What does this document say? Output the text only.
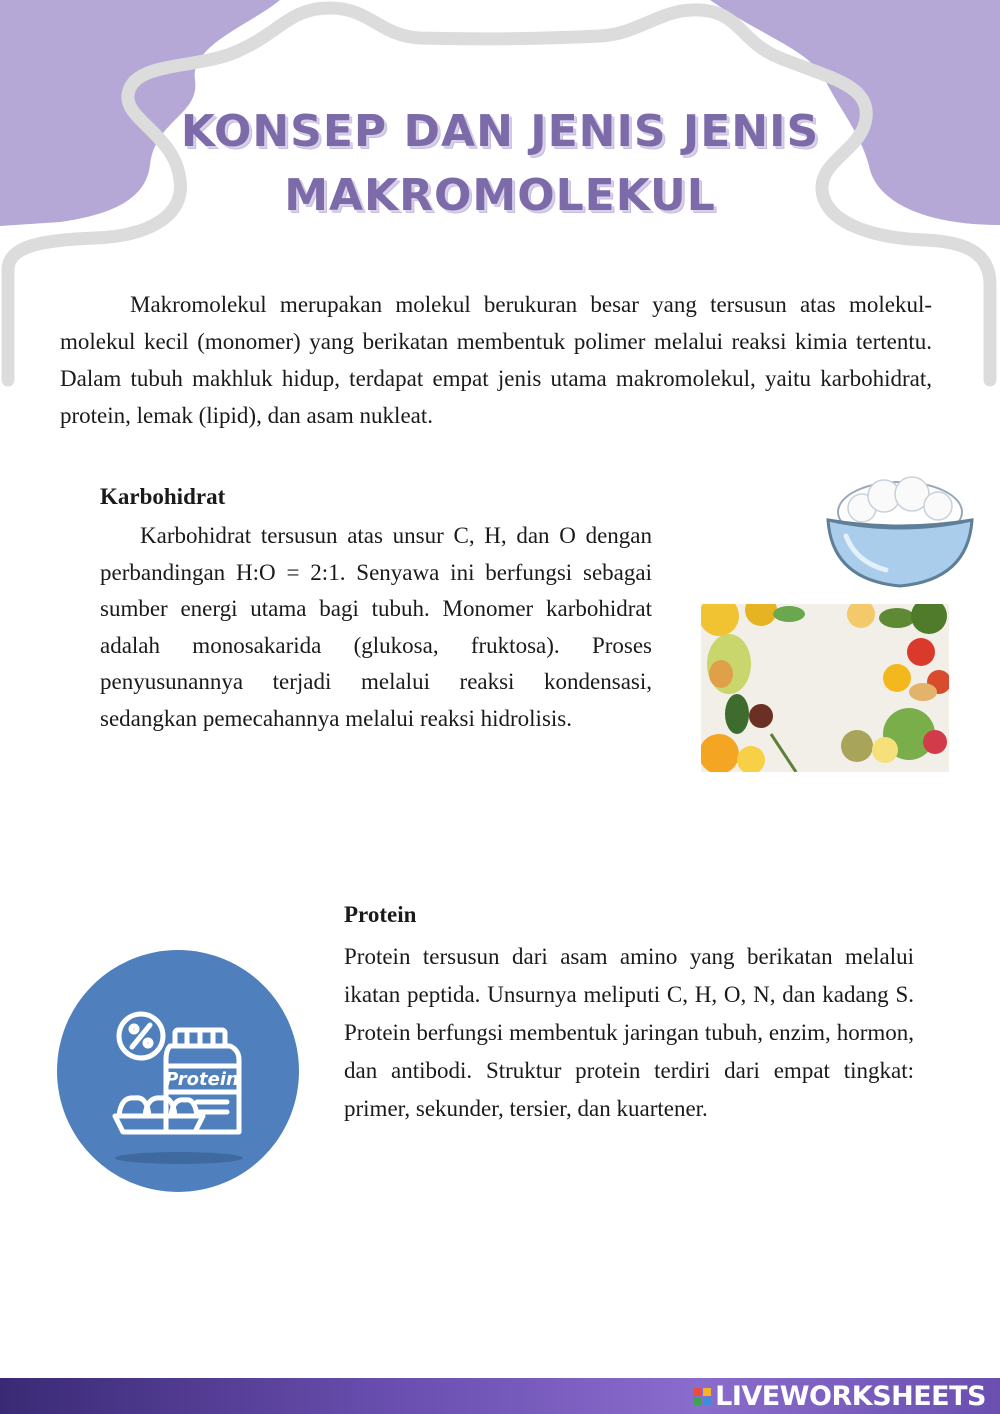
KONSEP DAN JENIS JENIS
MAKROMOLEKUL

Makromolekul merupakan molekul berukuran besar yang tersusun atas molekul-molekul kecil (monomer) yang berikatan membentuk polimer melalui reaksi kimia tertentu. Dalam tubuh makhluk hidup, terdapat empat jenis utama makromolekul, yaitu karbohidrat, protein, lemak (lipid), dan asam nukleat.

Karbohidrat

Karbohidrat tersusun atas unsur C, H, dan O dengan perbandingan H:O = 2:1. Senyawa ini berfungsi sebagai sumber energi utama bagi tubuh. Monomer karbohidrat adalah monosakarida (glukosa, fruktosa). Proses penyusunannya terjadi melalui reaksi kondensasi, sedangkan pemecahannya melalui reaksi hidrolisis.

Protein
Protein

Protein tersusun dari asam amino yang berikatan melalui ikatan peptida. Unsurnya meliputi C, H, O, N, dan kadang S. Protein berfungsi membentuk jaringan tubuh, enzim, hormon, dan antibodi. Struktur protein terdiri dari empat tingkat: primer, sekunder, tersier, dan kuartener.

LIVEWORKSHEETS
